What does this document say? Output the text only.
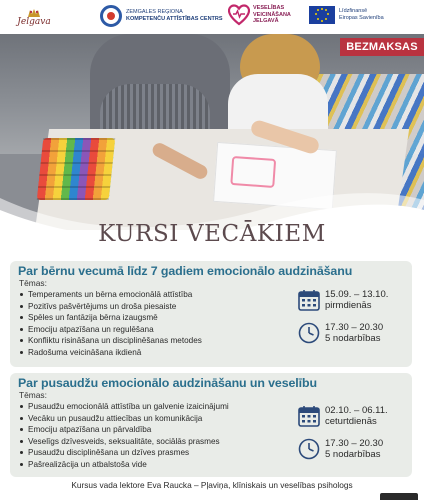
Jelgava
ZEMGALES REĢIONA
KOMPETENČU ATTĪSTĪBAS CENTRS
VESELĪBAS
VEICINĀŠANA
JELGAVĀ
Līdzfinansē
Eiropas Savienība
BEZMAKSAS
KURSI VECĀKIEM
Par bērnu vecumā līdz 7 gadiem emocionālo audzināšanu
Tēmas:
Temperaments un bērna emocionālā attīstība
Pozitīvs pašvērtējums un droša piesaiste
Spēles un fantāzija bērna izaugsmē
Emociju atpazīšana un regulēšana
Konfliktu risināšana un disciplinēšanas metodes
Radošuma veicināšana ikdienā
15.09. – 13.10.
pirmdienās
17.30 – 20.30
5 nodarbības
Par pusaudžu emocionālo audzināšanu un veselību
Tēmas:
Pusaudžu emocionālā attīstība un galvenie izaicinājumi
Vecāku un pusaudžu attiecības un komunikācija
Emociju atpazīšana un pārvaldība
Veselīgs dzīvesveids, seksualitāte, sociālās prasmes
Pusaudžu disciplinēšana un dzīves prasmes
Pašrealizācija un atbalstoša vide
02.10. – 06.11.
ceturtdienās
17.30 – 20.30
5 nodarbības
Kursus vada lektore Eva Raucka – Pļaviņa, klīniskais un veselības psihologs
